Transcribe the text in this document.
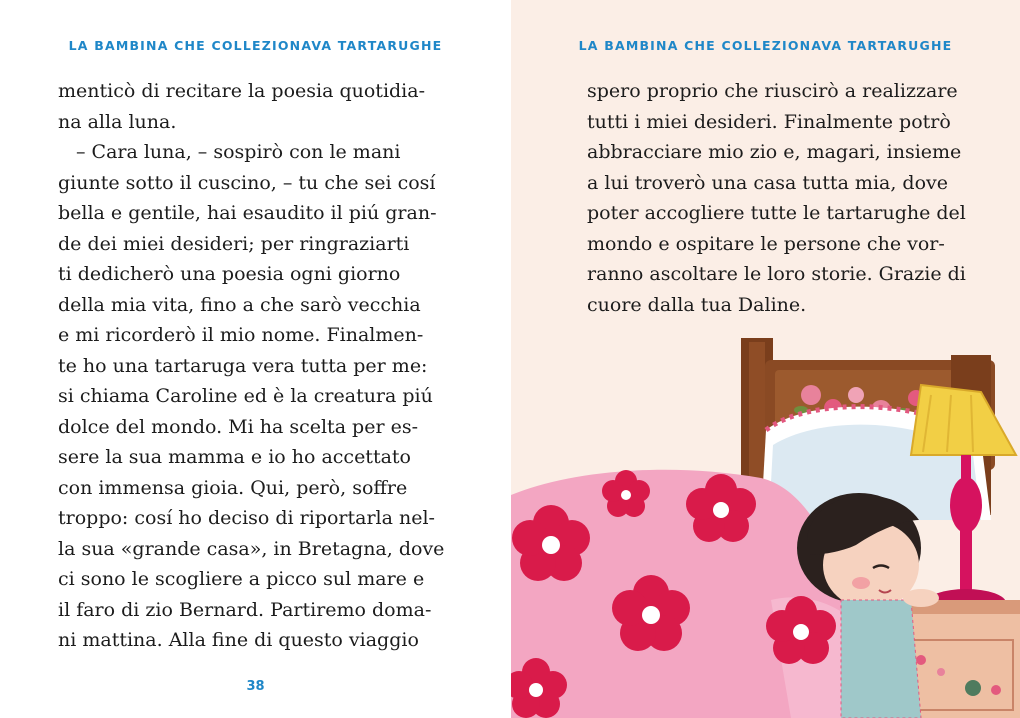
LA BAMBINA CHE COLLEZIONAVA TARTARUGHE
menticò di recitare la poesia quotidia-
na alla luna.
– Cara luna, – sospirò con le mani
giunte sotto il cuscino, – tu che sei cosí
bella e gentile, hai esaudito il piú gran-
de dei miei desideri; per ringraziarti
ti dedicherò una poesia ogni giorno
della mia vita, fino a che sarò vecchia
e mi ricorderò il mio nome. Finalmen-
te ho una tartaruga vera tutta per me:
si chiama Caroline ed è la creatura piú
dolce del mondo. Mi ha scelta per es-
sere la sua mamma e io ho accettato
con immensa gioia. Qui, però, soffre
troppo: cosí ho deciso di riportarla nel-
la sua «grande casa», in Bretagna, dove
ci sono le scogliere a picco sul mare e
il faro di zio Bernard. Partiremo doma-
ni mattina. Alla fine di questo viaggio
38
LA BAMBINA CHE COLLEZIONAVA TARTARUGHE
spero proprio che riuscirò a realizzare
tutti i miei desideri. Finalmente potrò
abbracciare mio zio e, magari, insieme
a lui troverò una casa tutta mia, dove
poter accogliere tutte le tartarughe del
mondo e ospitare le persone che vor-
ranno ascoltare le loro storie. Grazie di
cuore dalla tua Daline.
